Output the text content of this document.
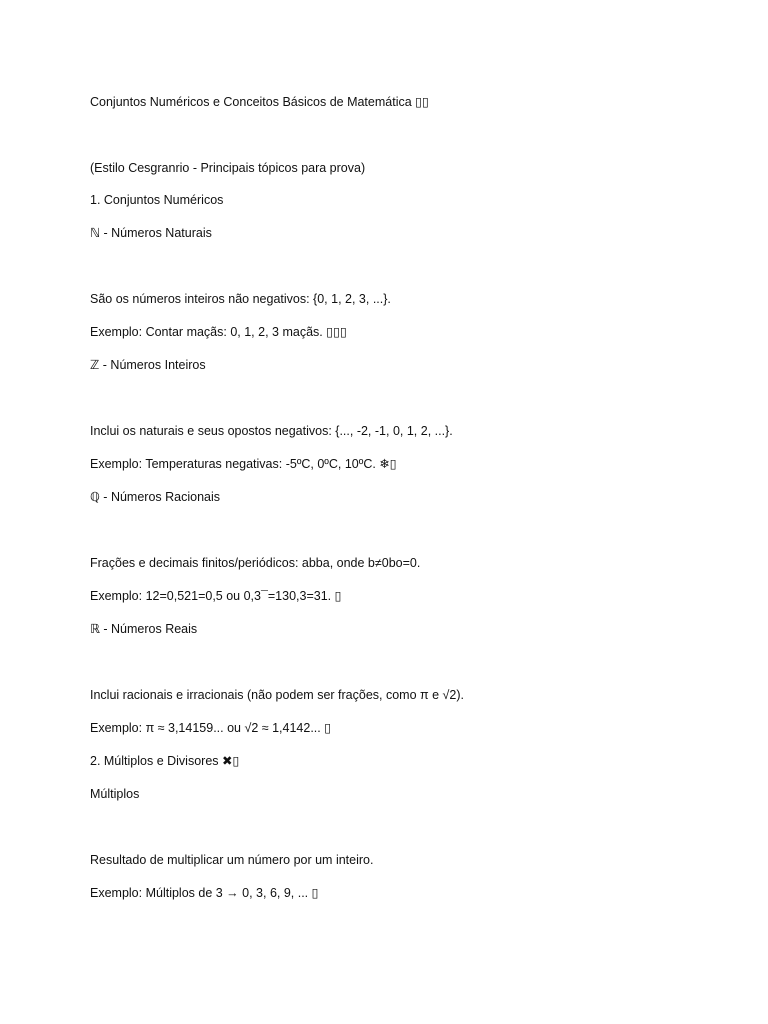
Conjuntos Numéricos e Conceitos Básicos de Matemática ▯▯
(Estilo Cesgranrio - Principais tópicos para prova)
1. Conjuntos Numéricos
ℕ - Números Naturais
São os números inteiros não negativos: {0, 1, 2, 3, ...}.
Exemplo: Contar maçãs: 0, 1, 2, 3 maçãs. ▯▯▯
ℤ - Números Inteiros
Inclui os naturais e seus opostos negativos: {..., -2, -1, 0, 1, 2, ...}.
Exemplo: Temperaturas negativas: -5ºC, 0ºC, 10ºC. ❄▯
ℚ - Números Racionais
Frações e decimais finitos/periódicos: abba, onde b≠0bo=0.
Exemplo: 12=0,521=0,5 ou 0,3¯=130,3=31. ▯
ℝ - Números Reais
Inclui racionais e irracionais (não podem ser frações, como π e √2).
Exemplo: π ≈ 3,14159... ou √2 ≈ 1,4142... ▯
2. Múltiplos e Divisores ✖▯
Múltiplos
Resultado de multiplicar um número por um inteiro.
Exemplo: Múltiplos de 3 → 0, 3, 6, 9, ... ▯
